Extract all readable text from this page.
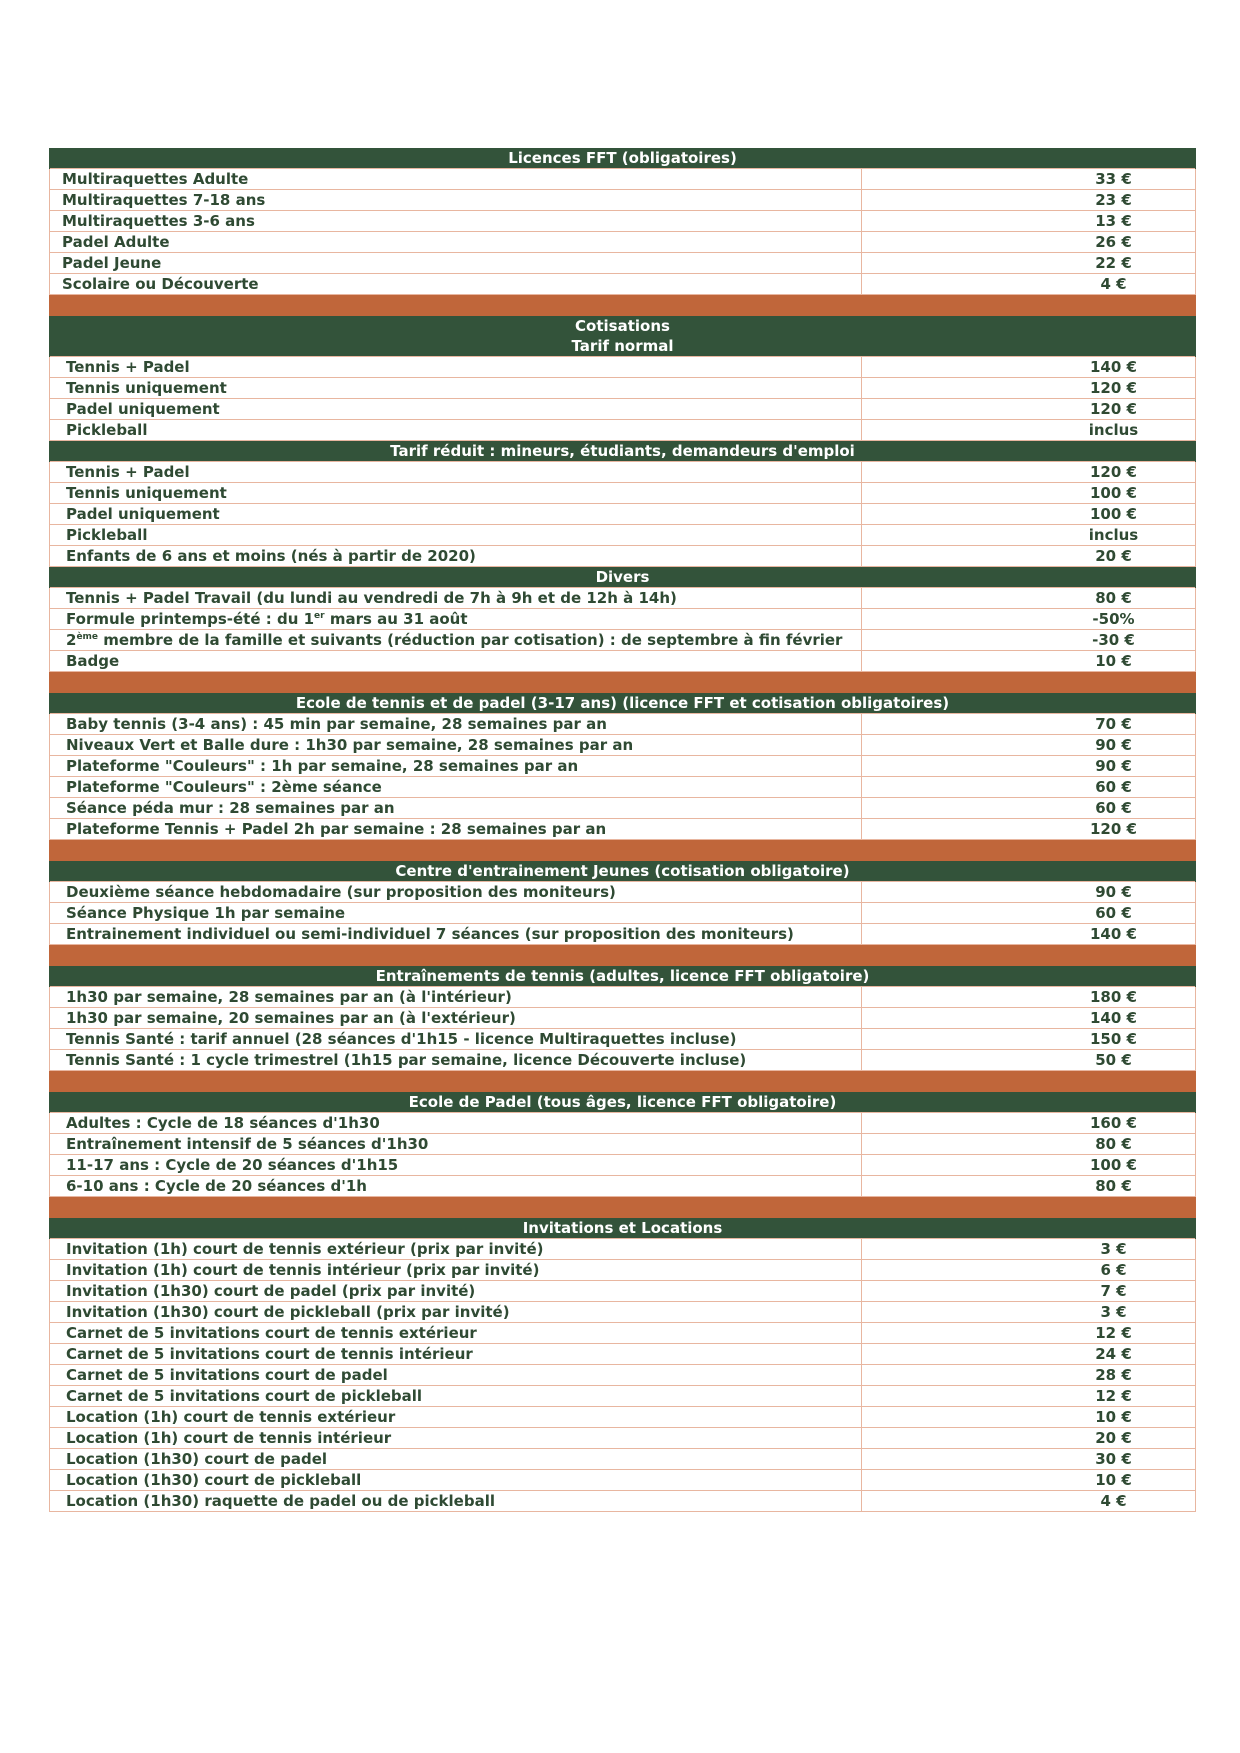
Licences FFT (obligatoires)	
Multiraquettes Adulte	33 €
Multiraquettes 7-18 ans	23 €
Multiraquettes 3-6 ans	13 €
Padel Adulte	26 €
Padel Jeune	22 €
Scolaire ou Découverte	4 €

Cotisations	
Tarif normal	
Tennis + Padel	140 €
Tennis uniquement	120 €
Padel uniquement	120 €
Pickleball	inclus
Tarif réduit : mineurs, étudiants, demandeurs d'emploi	
Tennis + Padel	120 €
Tennis uniquement	100 €
Padel uniquement	100 €
Pickleball	inclus
Enfants de 6 ans et moins (nés à partir de 2020)	20 €
Divers	
Tennis + Padel Travail (du lundi au vendredi de 7h à 9h et de 12h à 14h)	80 €
Formule printemps-été : du 1er mars au 31 août	-50%
2ème membre de la famille et suivants (réduction par cotisation) : de septembre à fin février	-30 €
Badge	10 €

Ecole de tennis et de padel (3-17 ans) (licence FFT et cotisation obligatoires)	
Baby tennis (3-4 ans) : 45 min par semaine, 28 semaines par an	70 €
Niveaux Vert et Balle dure : 1h30 par semaine, 28 semaines par an	90 €
Plateforme "Couleurs" : 1h par semaine, 28 semaines par an	90 €
Plateforme "Couleurs" : 2ème séance	60 €
Séance péda mur : 28 semaines par an	60 €
Plateforme Tennis + Padel 2h par semaine : 28 semaines par an	120 €

Centre d'entrainement Jeunes (cotisation obligatoire)	
Deuxième séance hebdomadaire (sur proposition des moniteurs)	90 €
Séance Physique 1h par semaine	60 €
Entrainement individuel ou semi-individuel 7 séances (sur proposition des moniteurs)	140 €

Entraînements de tennis (adultes, licence FFT obligatoire)	
1h30 par semaine, 28 semaines par an (à l'intérieur)	180 €
1h30 par semaine, 20 semaines par an (à l'extérieur)	140 €
Tennis Santé : tarif annuel (28 séances d'1h15 - licence Multiraquettes incluse)	150 €
Tennis Santé : 1 cycle trimestrel (1h15 par semaine, licence Découverte incluse)	50 €

Ecole de Padel (tous âges, licence FFT obligatoire)	
Adultes : Cycle de 18 séances d'1h30	160 €
Entraînement intensif de 5 séances d'1h30	80 €
11-17 ans : Cycle de 20 séances d'1h15	100 €
6-10 ans : Cycle de 20 séances d'1h	80 €

Invitations et Locations	
Invitation (1h) court de tennis extérieur (prix par invité)	3 €
Invitation (1h) court de tennis intérieur (prix par invité)	6 €
Invitation (1h30) court de padel (prix par invité)	7 €
Invitation (1h30) court de pickleball (prix par invité)	3 €
Carnet de 5 invitations court de tennis extérieur	12 €
Carnet de 5 invitations court de tennis intérieur	24 €
Carnet de 5 invitations court de padel	28 €
Carnet de 5 invitations court de pickleball	12 €
Location (1h) court de tennis extérieur	10 €
Location (1h) court de tennis intérieur	20 €
Location (1h30) court de padel	30 €
Location (1h30) court de pickleball	10 €
Location (1h30) raquette de padel ou de pickleball	4 €
